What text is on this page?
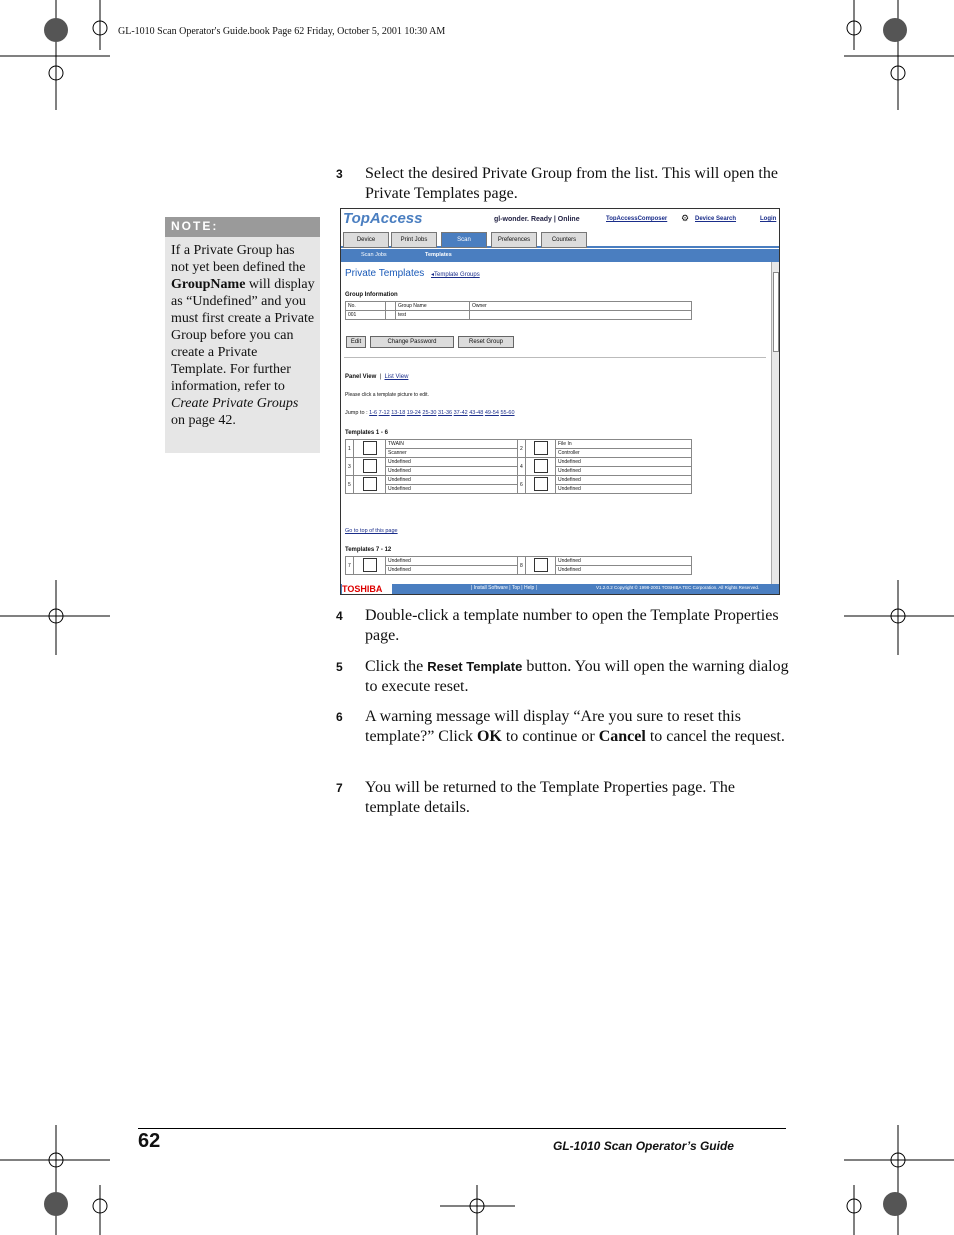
GL-1010 Scan Operator's Guide.book Page 62 Friday, October 5, 2001 10:30 AM
NOTE:
If a Private Group has not yet been defined the GroupName will display as “Undefined” and you must first create a Private Group before you can create a Private Template. For further information, refer to Create Private Groups on page 42.
3 Select the desired Private Group from the list. This will open the Private Templates page.
TopAccess	gl-wonder. Ready | Online	TopAccessComposer ⚙ Device Search	Login
Device	Print Jobs	Scan	Preferences	Counters
Scan Jobs	Templates
Private Templates ◂Template Groups
Group Information
No.		Group Name	Owner
001		test	
Edit	Change Password	Reset Group
Panel View  |  List View
Please click a template picture to edit.
Jump to : 1-6 7-12 13-18 19-24 25-30 31-36 37-42 43-48 49-54 55-60
Templates 1 - 6
1		TWAIN	2		File In
		Scanner			Controller
3		Undefined	4		Undefined
		Undefined			Undefined
5		Undefined	6		Undefined
		Undefined			Undefined
Go to top of this page
Templates 7 - 12
7		Undefined	8		Undefined
		Undefined			Undefined
| Install Software | Top | Help |	V1.2.0.2 Copyright © 1998-2001 TOSHIBA TEC Corporation. All Rights Reserved.
TOSHIBA
4 Double-click a template number to open the Template Properties page.
5 Click the Reset Template button. You will open the warning dialog to execute reset.
6 A warning message will display “Are you sure to reset this template?” Click OK to continue or Cancel to cancel the request.
7 You will be returned to the Template Properties page. The template details.
62	GL-1010 Scan Operator’s Guide
